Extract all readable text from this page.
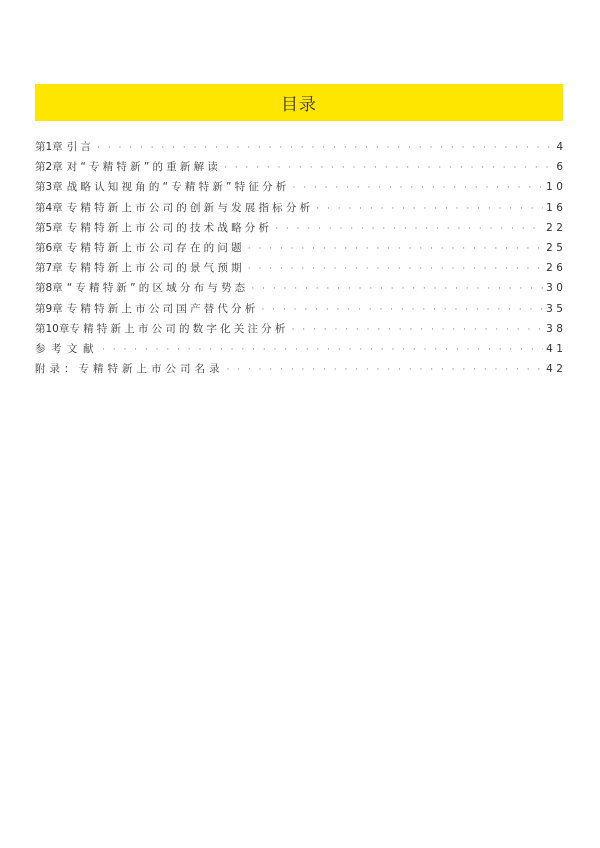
目录
第1章 引言 · · ·	4
第2章 对“专精特新”的重新解读 · · ·	6
第3章 战略认知视角的“专精特新”特征分析 · · ·	10
第4章 专精特新上市公司的创新与发展指标分析 · · ·	16
第5章 专精特新上市公司的技术战略分析 · · ·	22
第6章 专精特新上市公司存在的问题 · · ·	25
第7章 专精特新上市公司的景气预期 · · ·	26
第8章 “专精特新”的区域分布与势态 · · ·	30
第9章 专精特新上市公司国产替代分析 · · ·	35
第10章 专精特新上市公司的数字化关注分析 · · ·	38
参考文献 · · ·	41
附录：专精特新上市公司名录 · · ·	42
